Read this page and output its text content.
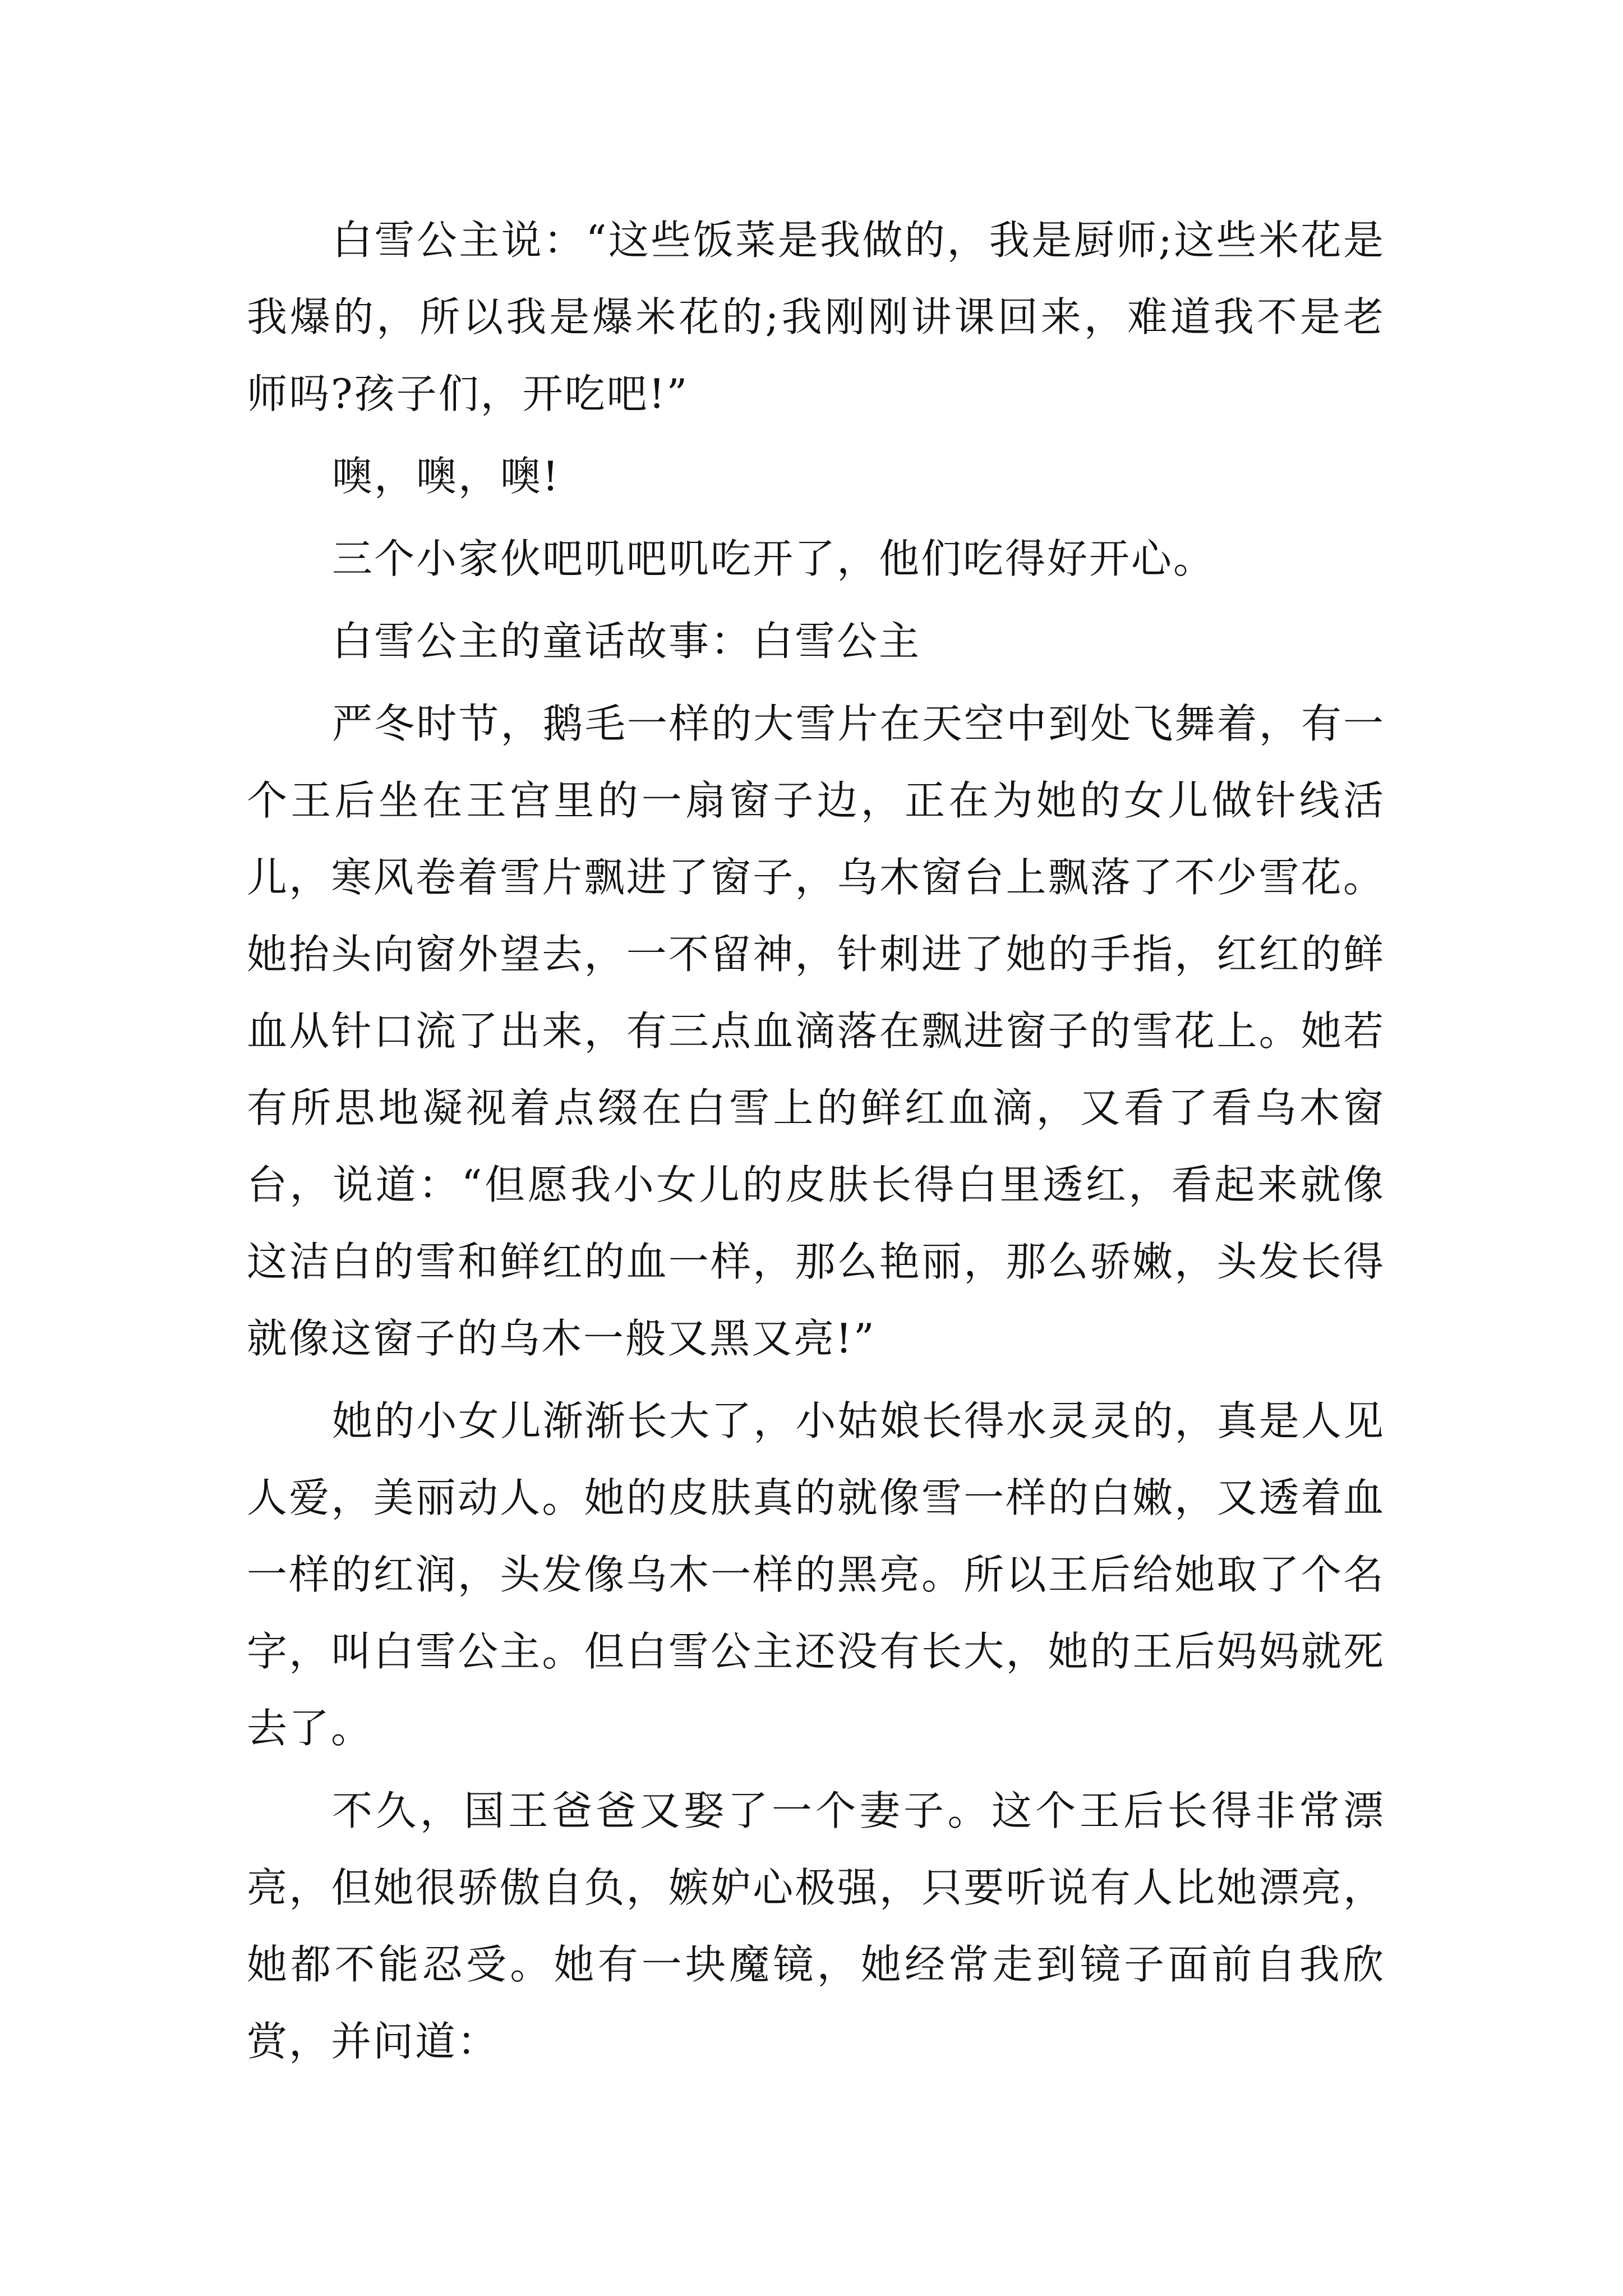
白雪公主说：“这些饭菜是我做的，我是厨师;这些米花是我爆的，所以我是爆米花的;我刚刚讲课回来，难道我不是老师吗?孩子们，开吃吧!”

噢，噢，噢!

三个小家伙吧叽吧叽吃开了，他们吃得好开心。

白雪公主的童话故事：白雪公主

严冬时节，鹅毛一样的大雪片在天空中到处飞舞着，有一个王后坐在王宫里的一扇窗子边，正在为她的女儿做针线活儿，寒风卷着雪片飘进了窗子，乌木窗台上飘落了不少雪花。她抬头向窗外望去，一不留神，针刺进了她的手指，红红的鲜血从针口流了出来，有三点血滴落在飘进窗子的雪花上。她若有所思地凝视着点缀在白雪上的鲜红血滴，又看了看乌木窗台，说道：“但愿我小女儿的皮肤长得白里透红，看起来就像这洁白的雪和鲜红的血一样，那么艳丽，那么骄嫩，头发长得就像这窗子的乌木一般又黑又亮!”

她的小女儿渐渐长大了，小姑娘长得水灵灵的，真是人见人爱，美丽动人。她的皮肤真的就像雪一样的白嫩，又透着血一样的红润，头发像乌木一样的黑亮。所以王后给她取了个名字，叫白雪公主。但白雪公主还没有长大，她的王后妈妈就死去了。

不久，国王爸爸又娶了一个妻子。这个王后长得非常漂亮，但她很骄傲自负，嫉妒心极强，只要听说有人比她漂亮，她都不能忍受。她有一块魔镜，她经常走到镜子面前自我欣赏，并问道：
